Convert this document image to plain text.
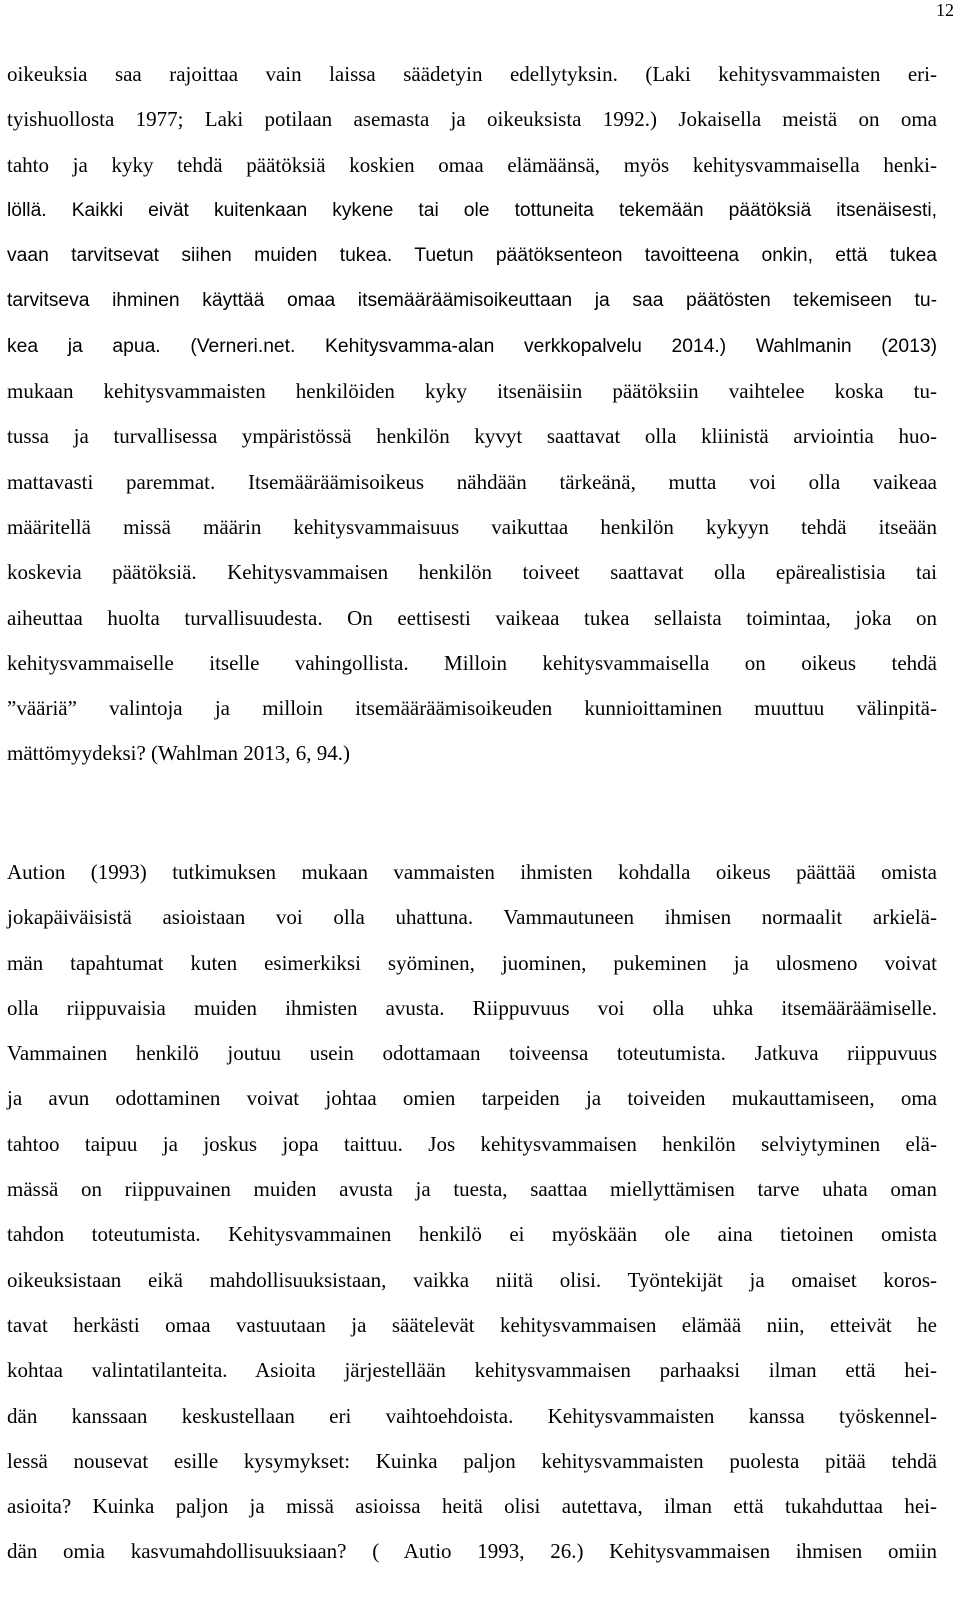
12
oikeuksia saa rajoittaa vain laissa säädetyin edellytyksin. (Laki kehitysvammaisten eri-
tyishuollosta 1977; Laki potilaan asemasta ja oikeuksista 1992.) Jokaisella meistä on oma
tahto ja kyky tehdä päätöksiä koskien omaa elämäänsä, myös kehitysvammaisella henki-
löllä. Kaikki eivät kuitenkaan kykene tai ole tottuneita tekemään päätöksiä itsenäisesti,
vaan tarvitsevat siihen muiden tukea. Tuetun päätöksenteon tavoitteena onkin, että tukea
tarvitseva ihminen käyttää omaa itsemääräämisoikeuttaan ja saa päätösten tekemiseen tu-
kea ja apua. (Verneri.net. Kehitysvamma-alan verkkopalvelu 2014.) Wahlmanin (2013)
mukaan kehitysvammaisten henkilöiden kyky itsenäisiin päätöksiin vaihtelee koska tu-
tussa ja turvallisessa ympäristössä henkilön kyvyt saattavat olla kliinistä arviointia huo-
mattavasti paremmat. Itsemääräämisoikeus nähdään tärkeänä, mutta voi olla vaikeaa
määritellä missä määrin kehitysvammaisuus vaikuttaa henkilön kykyyn tehdä itseään
koskevia päätöksiä. Kehitysvammaisen henkilön toiveet saattavat olla epärealistisia tai
aiheuttaa huolta turvallisuudesta. On eettisesti vaikeaa tukea sellaista toimintaa, joka on
kehitysvammaiselle itselle vahingollista. Milloin kehitysvammaisella on oikeus tehdä
”vääriä” valintoja ja milloin itsemääräämisoikeuden kunnioittaminen muuttuu välinpitä-
mättömyydeksi? (Wahlman 2013, 6, 94.)
Aution (1993) tutkimuksen mukaan vammaisten ihmisten kohdalla oikeus päättää omista
jokapäiväisistä asioistaan voi olla uhattuna. Vammautuneen ihmisen normaalit arkielä-
män tapahtumat kuten esimerkiksi syöminen, juominen, pukeminen ja ulosmeno voivat
olla riippuvaisia muiden ihmisten avusta. Riippuvuus voi olla uhka itsemääräämiselle.
Vammainen henkilö joutuu usein odottamaan toiveensa toteutumista. Jatkuva riippuvuus
ja avun odottaminen voivat johtaa omien tarpeiden ja toiveiden mukauttamiseen, oma
tahtoo taipuu ja joskus jopa taittuu. Jos kehitysvammaisen henkilön selviytyminen elä-
mässä on riippuvainen muiden avusta ja tuesta, saattaa miellyttämisen tarve uhata oman
tahdon toteutumista. Kehitysvammainen henkilö ei myöskään ole aina tietoinen omista
oikeuksistaan eikä mahdollisuuksistaan, vaikka niitä olisi. Työntekijät ja omaiset koros-
tavat herkästi omaa vastuutaan ja säätelevät kehitysvammaisen elämää niin, etteivät he
kohtaa valintatilanteita. Asioita järjestellään kehitysvammaisen parhaaksi ilman että hei-
dän kanssaan keskustellaan eri vaihtoehdoista. Kehitysvammaisten kanssa työskennel-
lessä nousevat esille kysymykset: Kuinka paljon kehitysvammaisten puolesta pitää tehdä
asioita? Kuinka paljon ja missä asioissa heitä olisi autettava, ilman että tukahduttaa hei-
dän omia kasvumahdollisuuksiaan? ( Autio 1993, 26.) Kehitysvammaisen ihmisen omiin
